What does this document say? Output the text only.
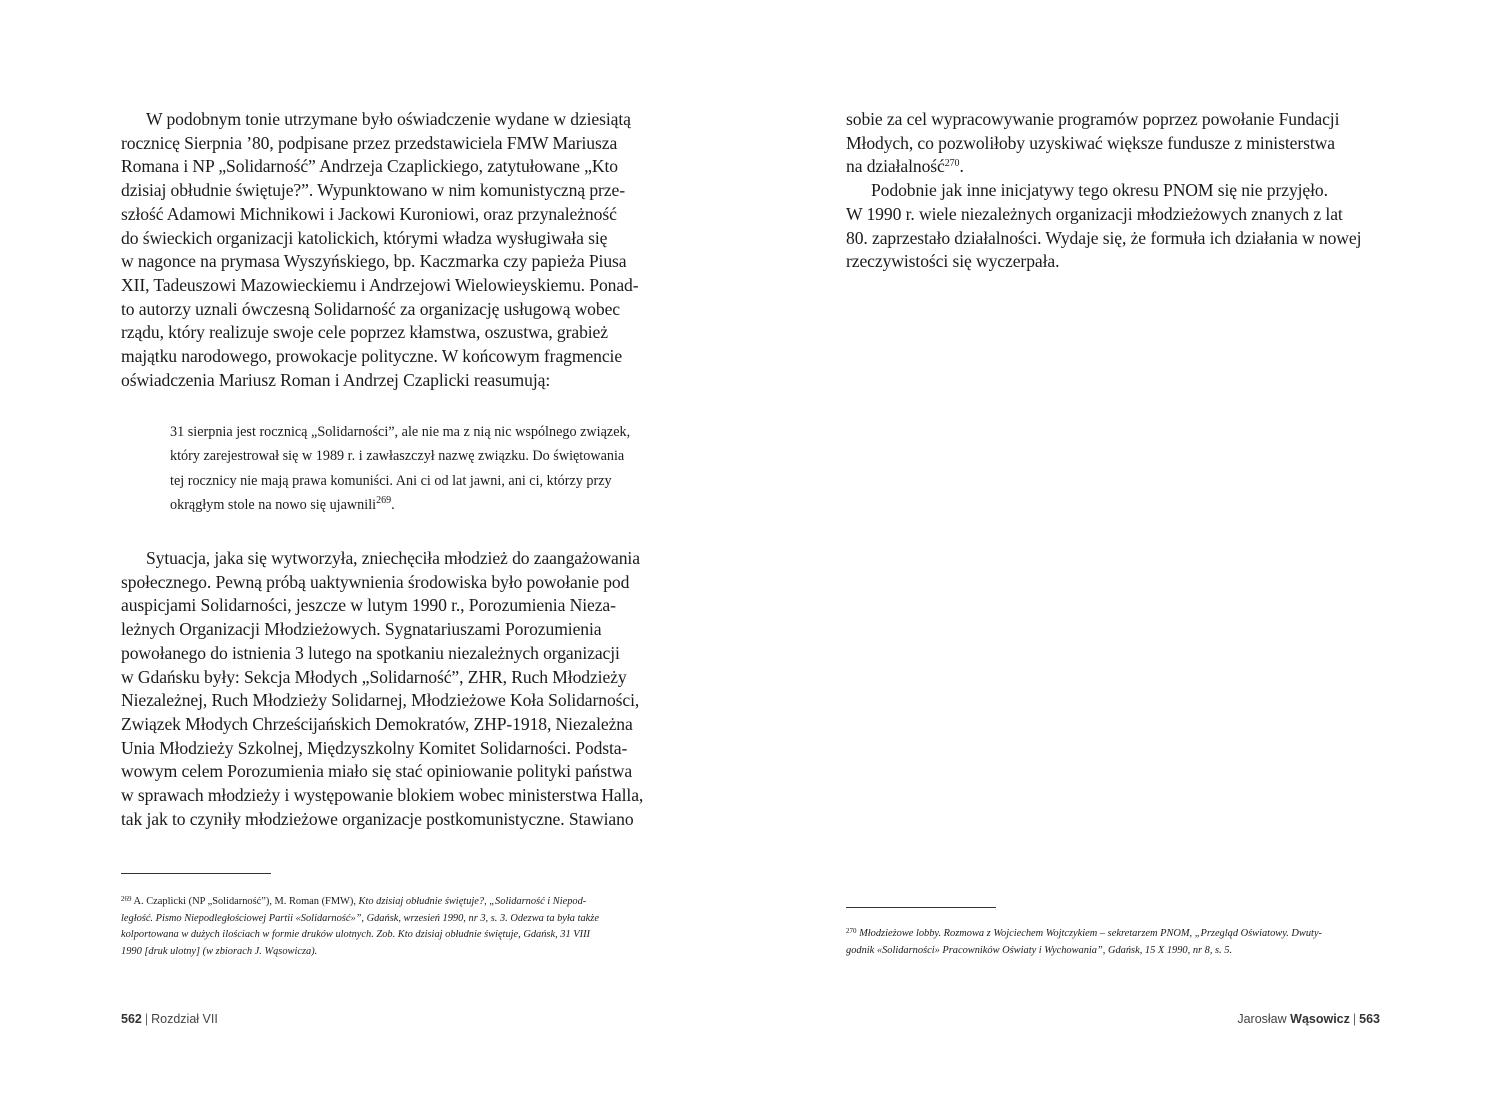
W podobnym tonie utrzymane było oświadczenie wydane w dziesiątą
rocznicę Sierpnia ’80, podpisane przez przedstawiciela FMW Mariusza
Romana i NP „Solidarność” Andrzeja Czaplickiego, zatytułowane „Kto
dzisiaj obłudnie świętuje?”. Wypunktowano w nim komunistyczną prze-
szłość Adamowi Michnikowi i Jackowi Kuroniowi, oraz przynależność
do świeckich organizacji katolickich, którymi władza wysługiwała się
w nagonce na prymasa Wyszyńskiego, bp. Kaczmarka czy papieża Piusa
XII, Tadeuszowi Mazowieckiemu i Andrzejowi Wielowieyskiemu. Ponad-
to autorzy uznali ówczesną Solidarność za organizację usługową wobec
rządu, który realizuje swoje cele poprzez kłamstwa, oszustwa, grabież
majątku narodowego, prowokacje polityczne. W końcowym fragmencie
oświadczenia Mariusz Roman i Andrzej Czaplicki reasumują:
31 sierpnia jest rocznicą „Solidarności”, ale nie ma z nią nic wspólnego związek,
który zarejestrował się w 1989 r. i zawłaszczył nazwę związku. Do świętowania
tej rocznicy nie mają prawa komuniści. Ani ci od lat jawni, ani ci, którzy przy
okrągłym stole na nowo się ujawnili$^{269}$.
Sytuacja, jaka się wytworzyła, zniechęciła młodzież do zaangażowania
społecznego. Pewną próbą uaktywnienia środowiska było powołanie pod
auspicjami Solidarności, jeszcze w lutym 1990 r., Porozumienia Nieza-
leżnych Organizacji Młodzieżowych. Sygnatariuszami Porozumienia
powołanego do istnienia 3 lutego na spotkaniu niezależnych organizacji
w Gdańsku były: Sekcja Młodych „Solidarność”, ZHR, Ruch Młodzieży
Niezależnej, Ruch Młodzieży Solidarnej, Młodzieżowe Koła Solidarności,
Związek Młodych Chrześcijańskich Demokratów, ZHP-1918, Niezależna
Unia Młodzieży Szkolnej, Międzyszkolny Komitet Solidarności. Podsta-
wowym celem Porozumienia miało się stać opiniowanie polityki państwa
w sprawach młodzieży i występowanie blokiem wobec ministerstwa Halla,
tak jak to czyniły młodzieżowe organizacje postkomunistyczne. Stawiano
$^{269}$ A. Czaplicki (NP „Solidarność”), M. Roman (FMW), Kto dzisiaj obłudnie świętuje?, „Solidarność i Niepod-
ległość. Pismo Niepodległościowej Partii «Solidarność»”, Gdańsk, wrzesień 1990, nr 3, s. 3. Odezwa ta była także
kolportowana w dużych ilościach w formie druków ulotnych. Zob. Kto dzisiaj obłudnie świętuje, Gdańsk, 31 VIII
1990 [druk ulotny] (w zbiorach J. Wąsowicza).
562 | Rozdział VII
sobie za cel wypracowywanie programów poprzez powołanie Fundacji
Młodych, co pozwoliłoby uzyskiwać większe fundusze z ministerstwa
na działalność$^{270}$.
Podobnie jak inne inicjatywy tego okresu PNOM się nie przyjęło.
W 1990 r. wiele niezależnych organizacji młodzieżowych znanych z lat
80. zaprzestało działalności. Wydaje się, że formuła ich działania w nowej
rzeczywistości się wyczerpała.
$^{270}$ Młodzieżowe lobby. Rozmowa z Wojciechem Wojtczykiem – sekretarzem PNOM, „Przegląd Oświatowy. Dwuty-
godnik «Solidarności» Pracowników Oświaty i Wychowania”, Gdańsk, 15 X 1990, nr 8, s. 5.
Jarosław Wąsowicz | 563
